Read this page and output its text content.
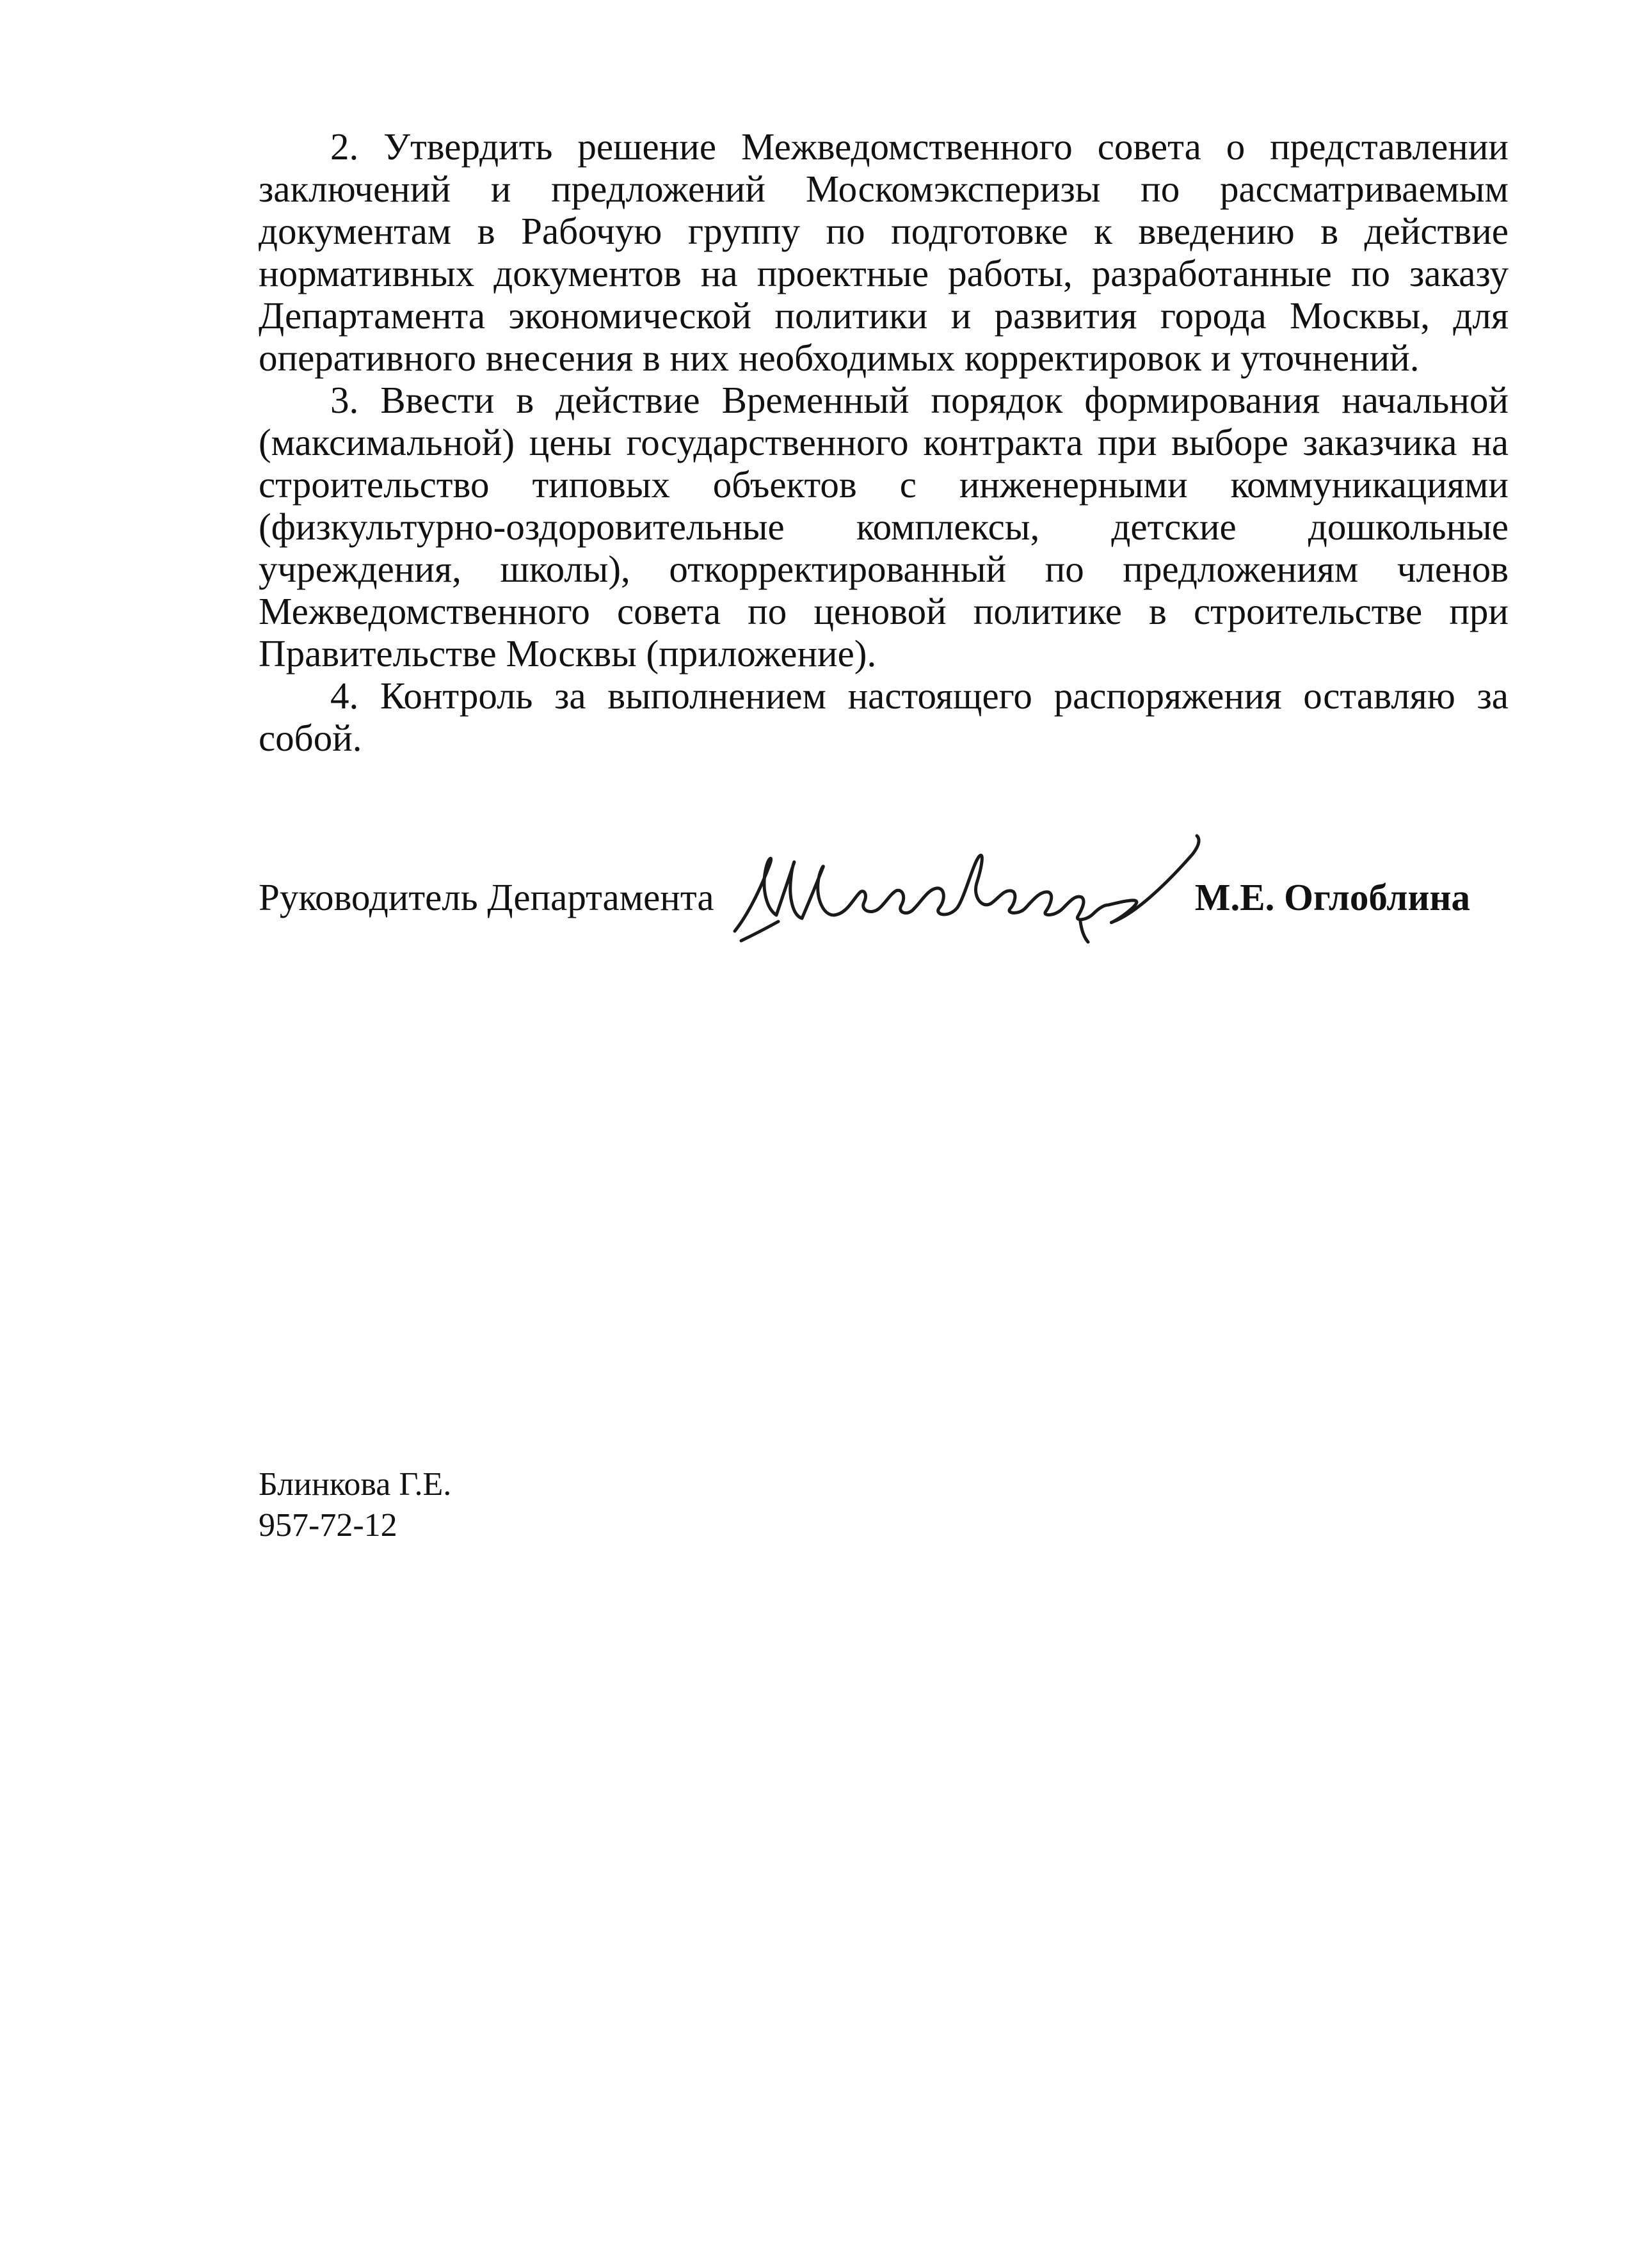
2. Утвердить решение Межведомственного совета о представлении заключений и предложений Москомэксперизы по рассматриваемым документам в Рабочую группу по подготовке к введению в действие нормативных документов на проектные работы, разработанные по заказу Департамента экономической политики и развития города Москвы, для оперативного внесения в них необходимых корректировок и уточнений.

3. Ввести в действие Временный порядок формирования начальной (максимальной) цены государственного контракта при выборе заказчика на строительство типовых объектов с инженерными коммуникациями (физкультурно-оздоровительные комплексы, детские дошкольные учреждения, школы), откорректированный по предложениям членов Межведомственного совета по ценовой политике в строительстве при Правительстве Москвы (приложение).

4. Контроль за выполнением настоящего распоряжения оставляю за собой.

Руководитель Департамента	М.Е. Оглоблина
Блинкова Г.Е.
957-72-12
